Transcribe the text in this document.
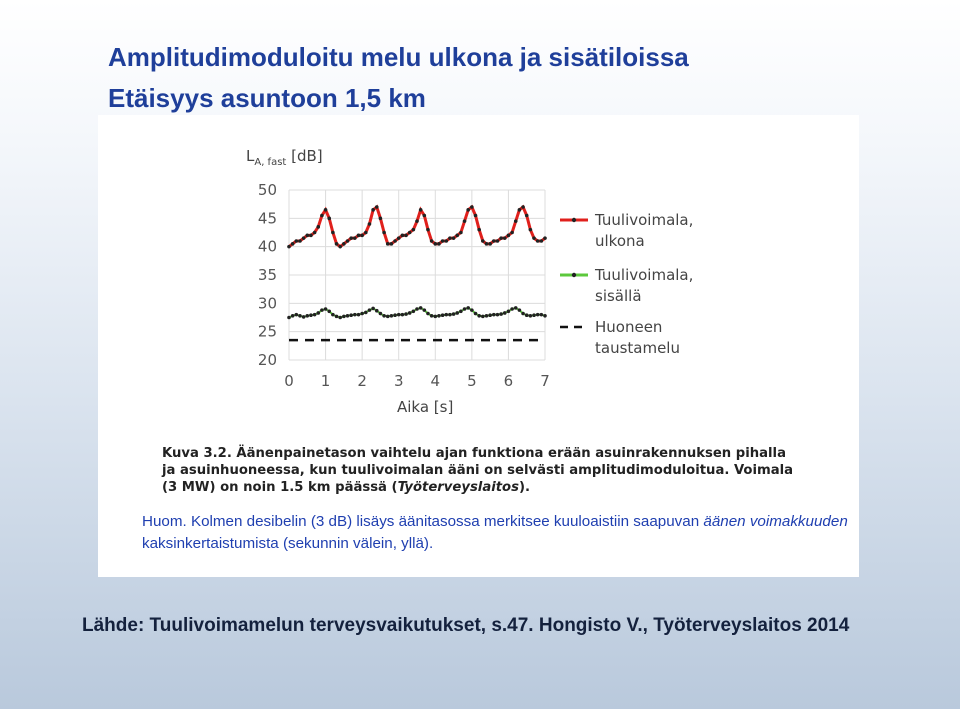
Amplitudimoduloitu melu ulkona ja sisätiloissa
Etäisyys asuntoon 1,5 km
50
45
40
35
30
25
20
0 1 2 3 4 5 6 7
Tuulivoimala,
ulkona
Tuulivoimala,
sisällä
Huoneen
taustamelu
$L_{A, fast}$ [dB]
Aika [s]
Kuva 3.2. Äänenpainetason vaihtelu ajan funktiona erään asuinrakennuksen pihalla ja asuinhuoneessa, kun tuulivoimalan ääni on selvästi amplitudimoduloitua. Voimala (3 MW) on noin 1.5 km päässä (Työterveyslaitos).
Huom. Kolmen desibelin (3 dB) lisäys äänitasossa merkitsee kuuloaistiin saapuvan äänen voimakkuuden kaksinkertaistumista (sekunnin välein, yllä).
Lähde: Tuulivoimamelun terveysvaikutukset, s.47. Hongisto V., Työterveyslaitos 2014
